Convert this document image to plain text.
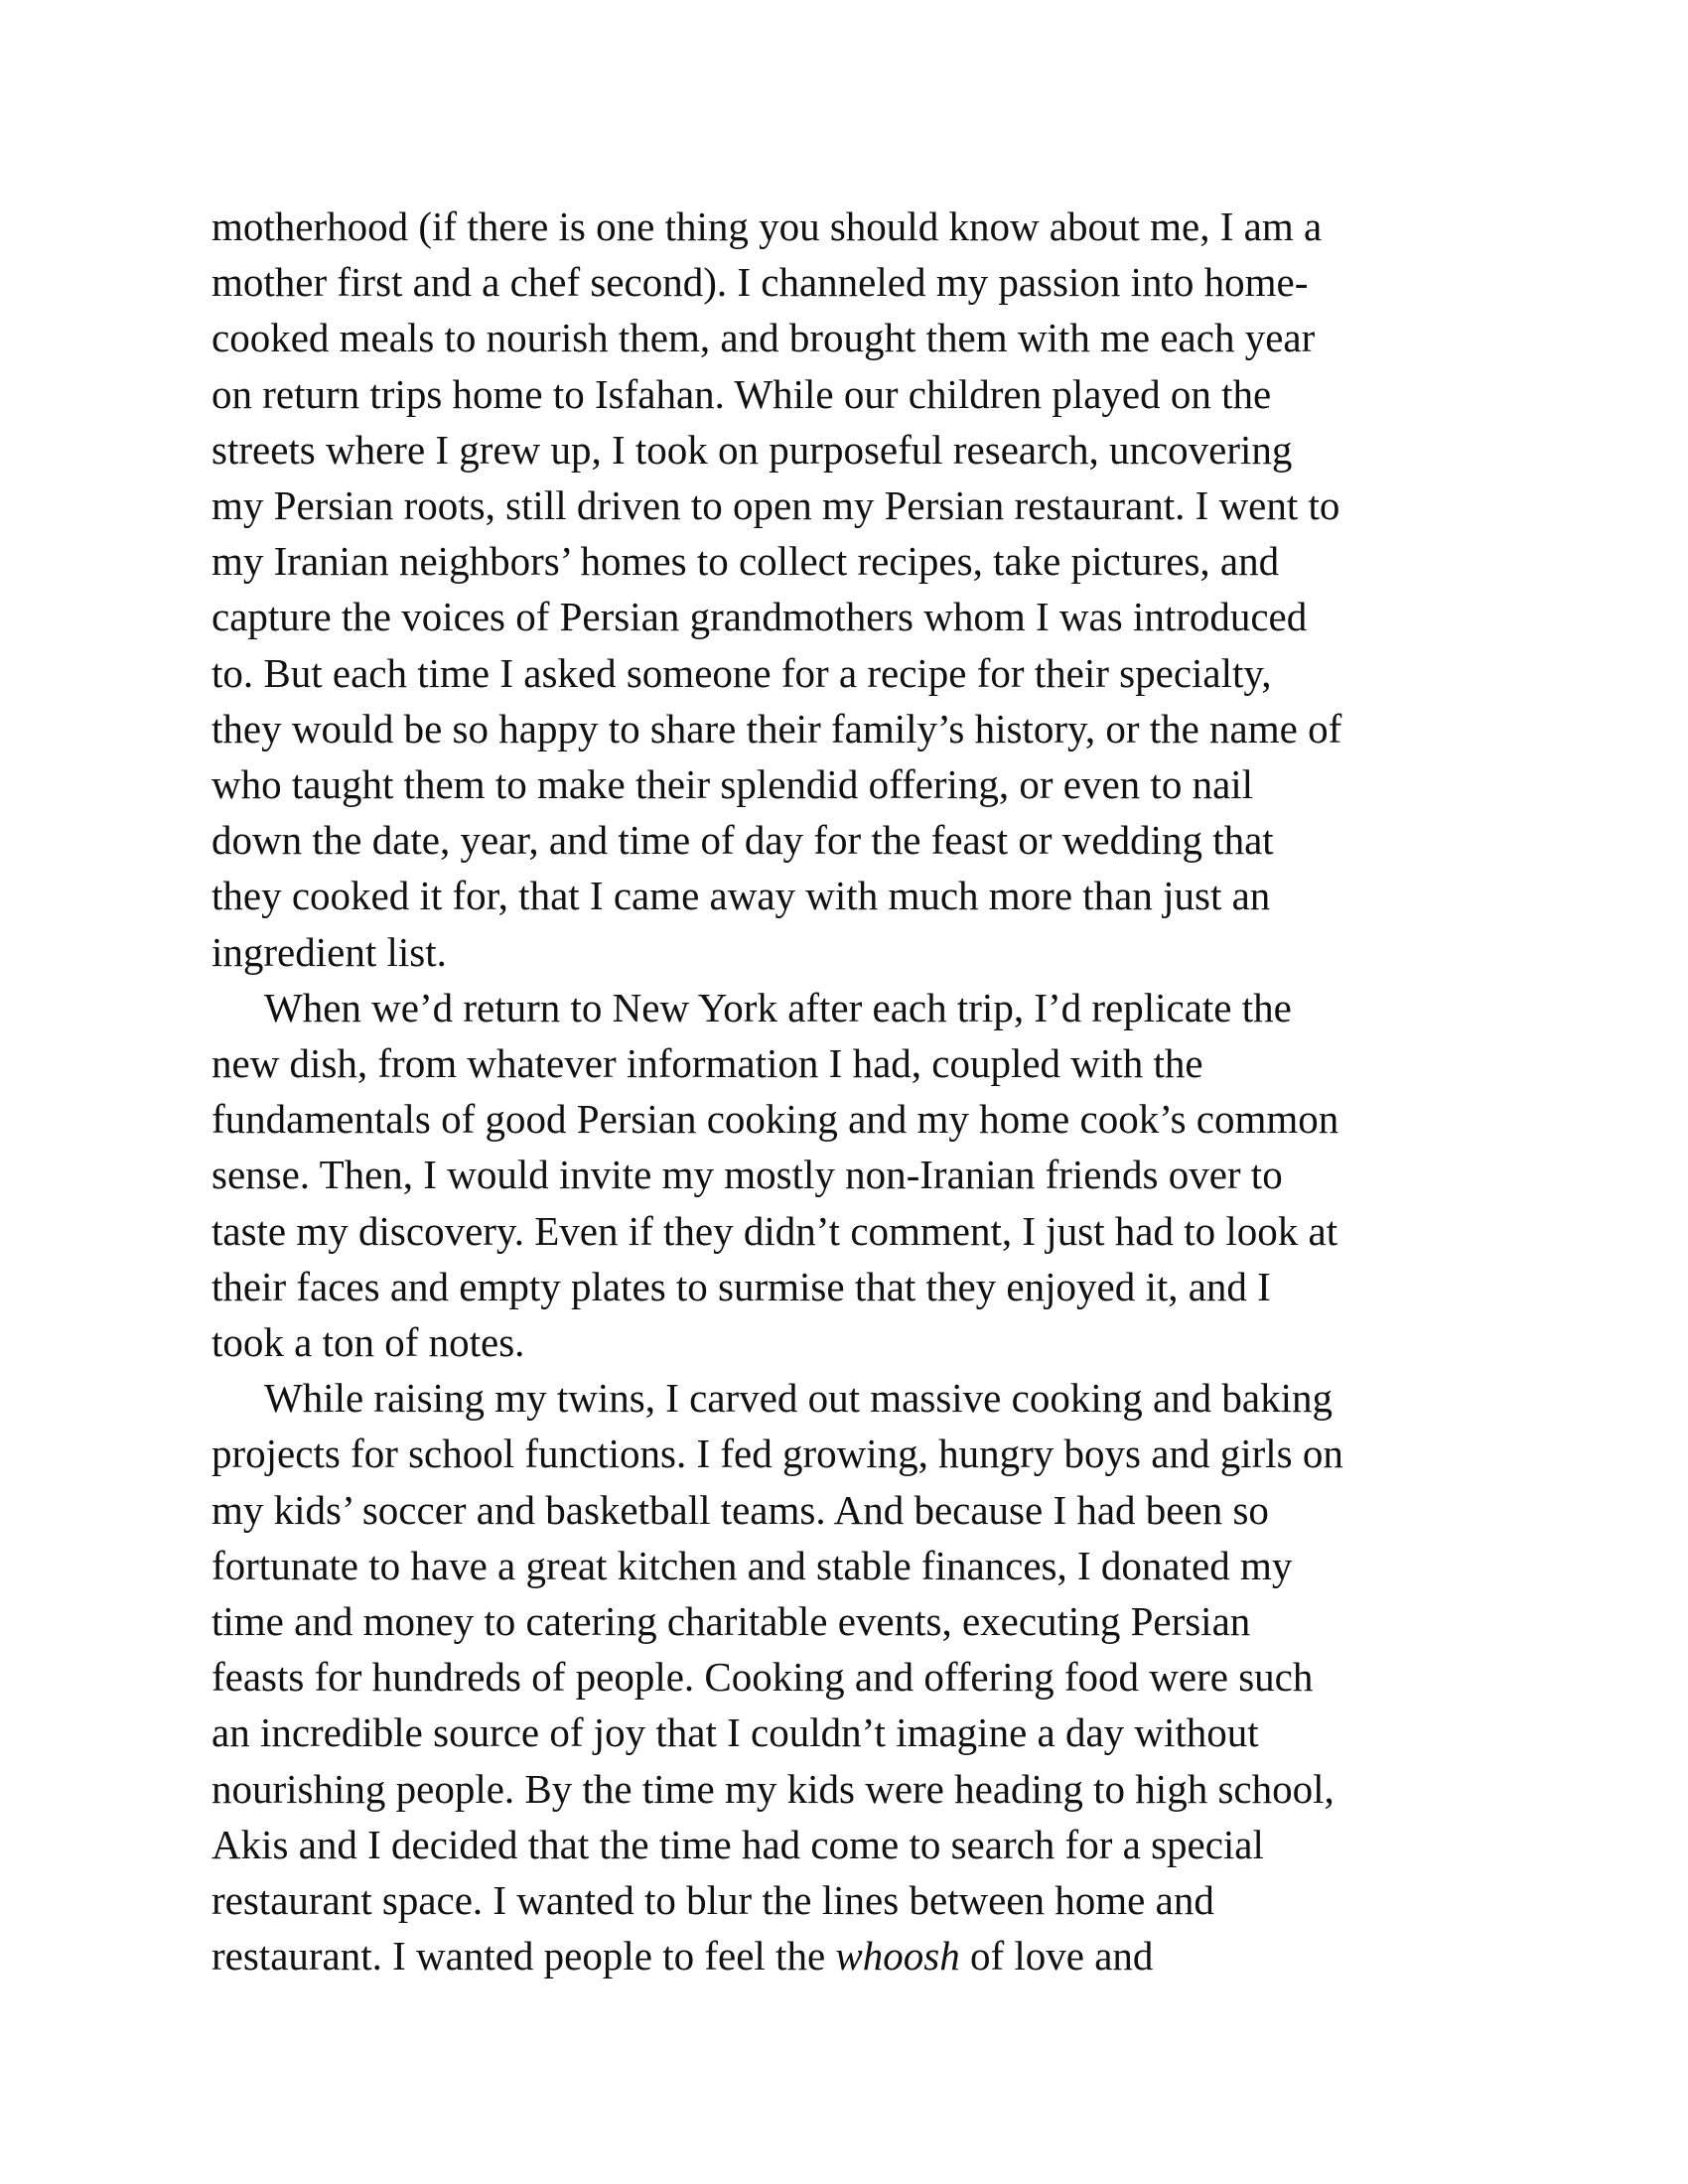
motherhood (if there is one thing you should know about me, I am a
mother first and a chef second). I channeled my passion into home-
cooked meals to nourish them, and brought them with me each year
on return trips home to Isfahan. While our children played on the
streets where I grew up, I took on purposeful research, uncovering
my Persian roots, still driven to open my Persian restaurant. I went to
my Iranian neighbors’ homes to collect recipes, take pictures, and
capture the voices of Persian grandmothers whom I was introduced
to. But each time I asked someone for a recipe for their specialty,
they would be so happy to share their family’s history, or the name of
who taught them to make their splendid offering, or even to nail
down the date, year, and time of day for the feast or wedding that
they cooked it for, that I came away with much more than just an
ingredient list.
When we’d return to New York after each trip, I’d replicate the
new dish, from whatever information I had, coupled with the
fundamentals of good Persian cooking and my home cook’s common
sense. Then, I would invite my mostly non-Iranian friends over to
taste my discovery. Even if they didn’t comment, I just had to look at
their faces and empty plates to surmise that they enjoyed it, and I
took a ton of notes.
While raising my twins, I carved out massive cooking and baking
projects for school functions. I fed growing, hungry boys and girls on
my kids’ soccer and basketball teams. And because I had been so
fortunate to have a great kitchen and stable finances, I donated my
time and money to catering charitable events, executing Persian
feasts for hundreds of people. Cooking and offering food were such
an incredible source of joy that I couldn’t imagine a day without
nourishing people. By the time my kids were heading to high school,
Akis and I decided that the time had come to search for a special
restaurant space. I wanted to blur the lines between home and
restaurant. I wanted people to feel the whoosh of love and
